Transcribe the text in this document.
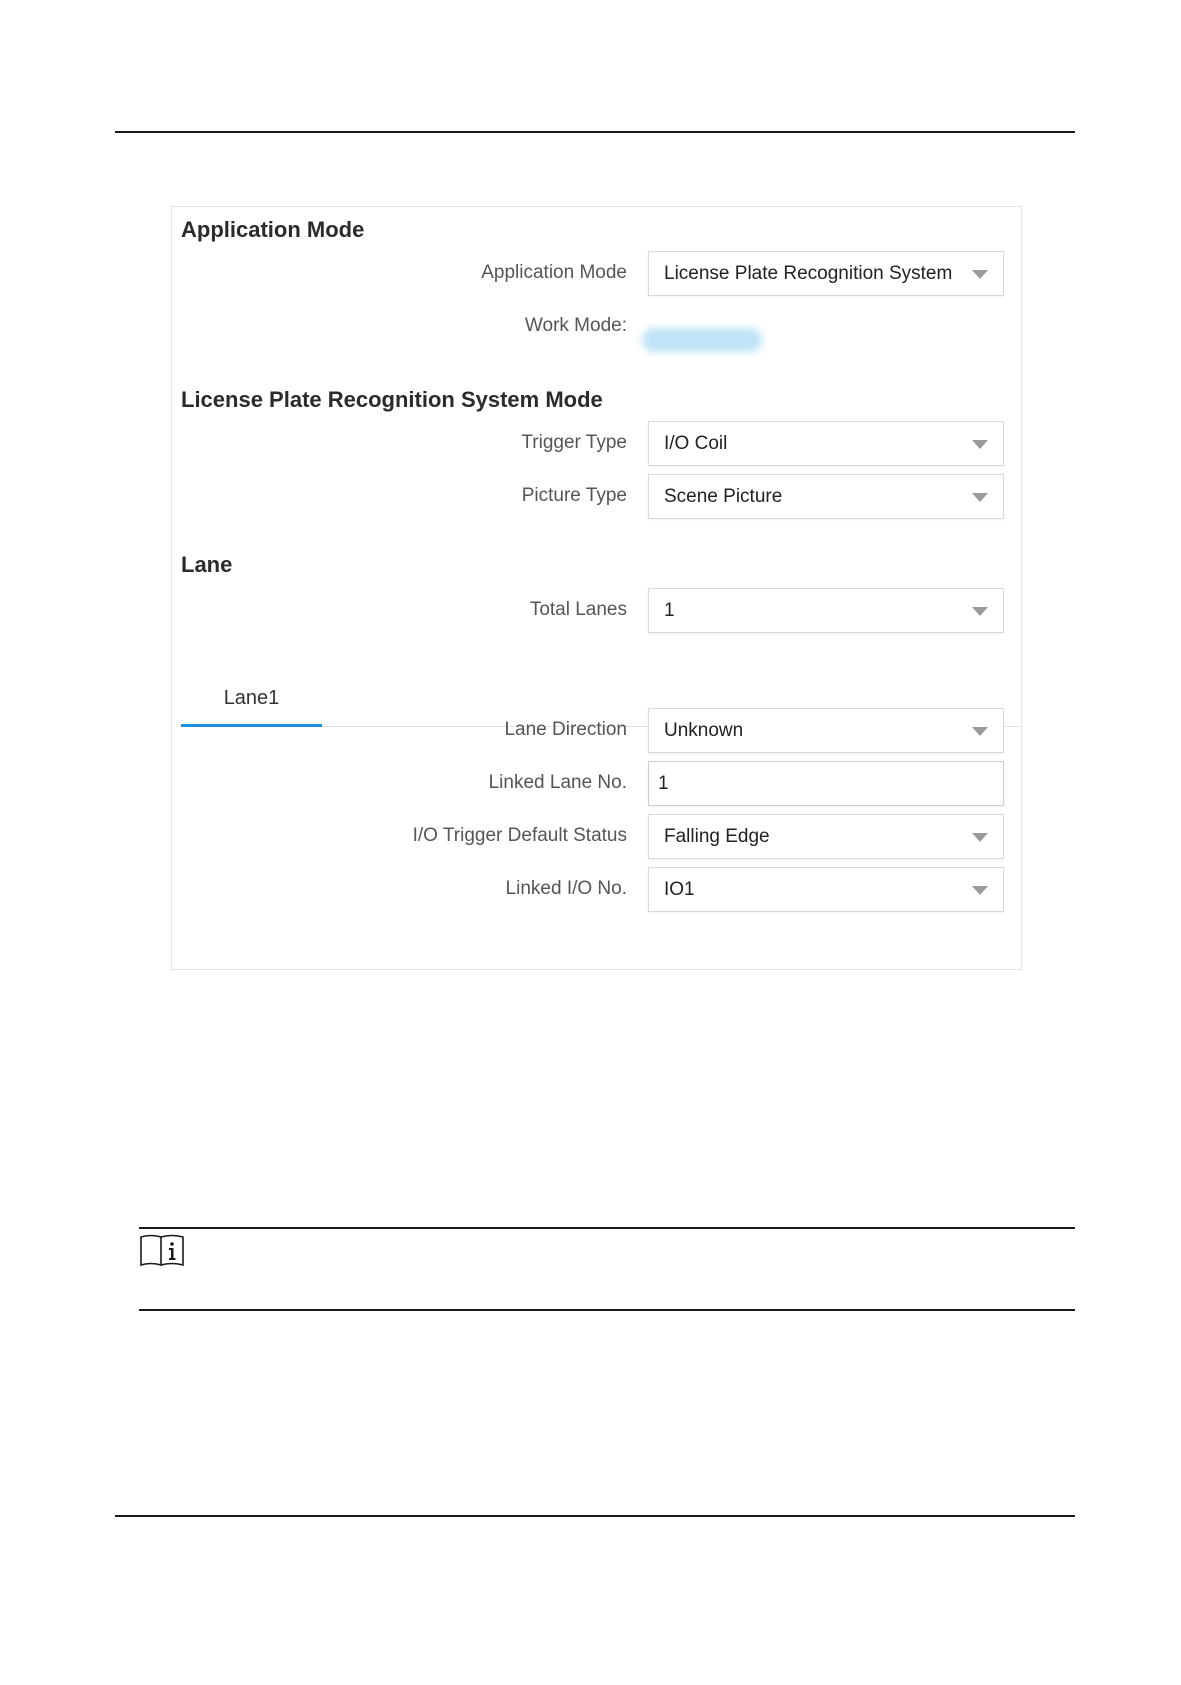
Application Mode
Application Mode License Plate Recognition System
Work Mode:
License Plate Recognition System Mode
Trigger Type I/O Coil
Picture Type Scene Picture
Lane
Total Lanes 1
Lane1
Lane Direction Unknown
Linked Lane No. 1
I/O Trigger Default Status Falling Edge
Linked I/O No. IO1
